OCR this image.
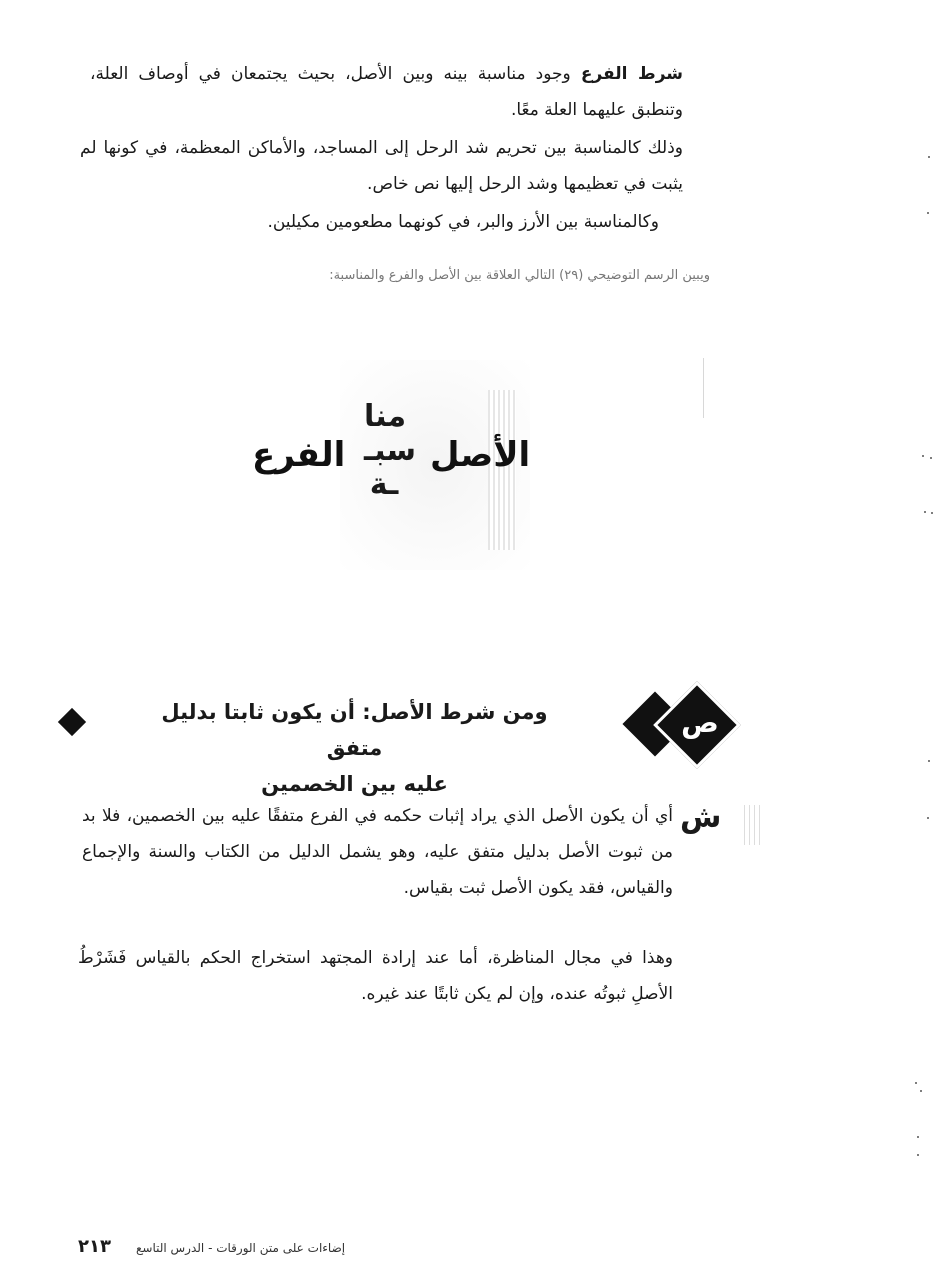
شرط الفرع وجود مناسبة بينه وبين الأصل، بحيث يجتمعان في أوصاف العلة، وتنطبق عليهما العلة معًا.

وذلك كالمناسبة بين تحريم شد الرحل إلى المساجد، والأماكن المعظمة، في كونها لم يثبت في تعظيمها وشد الرحل إليها نص خاص.

وكالمناسبة بين الأرز والبر، في كونهما مطعومين مكيلين.

ويبين الرسم التوضيحي (٢٩) التالي العلاقة بين الأصل والفرع والمناسبة:
الأصل
منا
سبـ
ـة
الفرع
ص
ومن شرط الأصل: أن يكون ثابتا بدليل متفق
عليه بين الخصمين
ش

أي أن يكون الأصل الذي يراد إثبات حكمه في الفرع متفقًا عليه بين الخصمين، فلا بد من ثبوت الأصل بدليل متفق عليه، وهو يشمل الدليل من الكتاب والسنة والإجماع والقياس، فقد يكون الأصل ثبت بقياس.

وهذا في مجال المناظرة، أما عند إرادة المجتهد استخراج الحكم بالقياس فَشَرْطُ الأصلِ ثبوتُه عنده، وإن لم يكن ثابتًا عند غيره.

٢١٣ إضاءات على متن الورقات - الدرس التاسع
